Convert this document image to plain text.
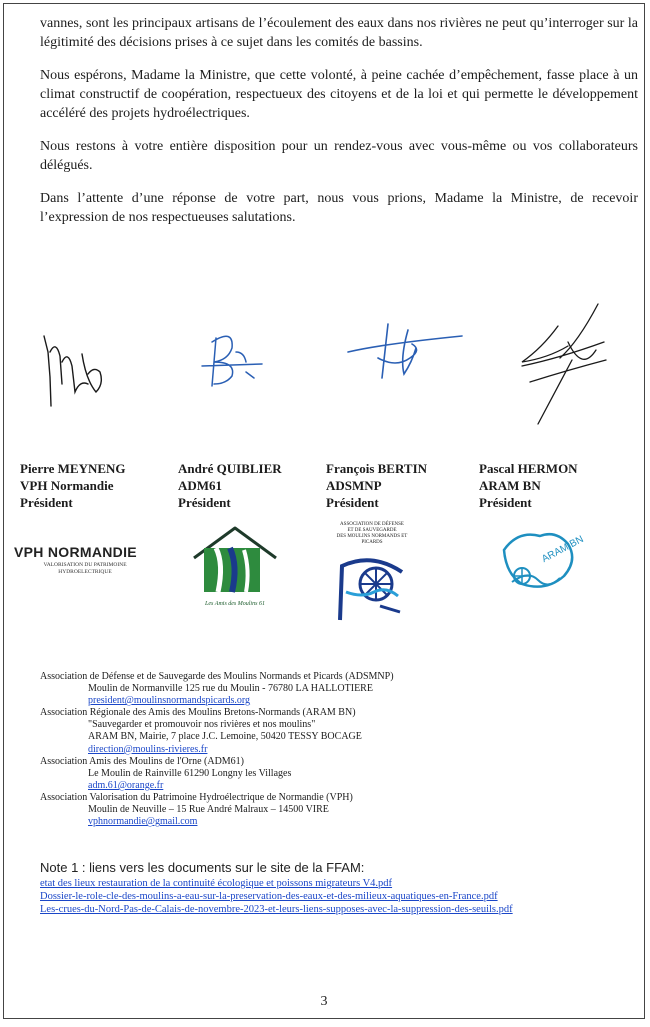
vannes, sont les principaux artisans de l’écoulement des eaux dans nos rivières ne peut qu’interroger sur la légitimité des décisions prises à ce sujet dans les comités de bassins.

Nous espérons, Madame la Ministre, que cette volonté, à peine cachée d’empêchement, fasse place à un climat constructif de coopération, respectueux des citoyens et de la loi et qui permette le développement accéléré des projets hydroélectriques.

Nous restons à votre entière disposition pour un rendez-vous avec vous-même ou vos collaborateurs délégués.

Dans l’attente d’une réponse de votre part, nous vous prions, Madame la Ministre, de recevoir l’expression de nos respectueuses salutations.

Pierre MEYNENG
VPH Normandie
Président
André QUIBLIER
ADM61
Président
François BERTIN
ADSMNP
Président
Pascal HERMON
ARAM BN
Président
VPH NORMANDIE
VALORISATION DU PATRIMOINE
HYDROELECTRIQUE
Les Amis des Moulins 61
ASSOCIATION DE DÉFENSE
ET DE SAUVEGARDE
DES MOULINS NORMANDS ET PICARDS	ARAM BN
Association de Défense et de Sauvegarde des Moulins Normands et Picards (ADSMNP)
Moulin de Normanville 125 rue du Moulin - 76780 LA HALLOTIERE
president@moulinsnormandspicards.org
Association Régionale des Amis des Moulins Bretons-Normands (ARAM BN)
"Sauvegarder et promouvoir nos rivières et nos moulins"
ARAM BN, Mairie, 7 place J.C. Lemoine, 50420 TESSY BOCAGE
direction@moulins-rivieres.fr
Association Amis des Moulins de l'Orne (ADM61)
Le Moulin de Rainville 61290 Longny les Villages
adm.61@orange.fr
Association Valorisation du Patrimoine Hydroélectrique de Normandie (VPH)
Moulin de Neuville – 15 Rue André Malraux – 14500 VIRE
vphnormandie@gmail.com
Note 1 : liens vers les documents sur le site de la FFAM:
etat des lieux restauration de la continuité écologique et poissons migrateurs V4.pdf
Dossier-le-role-cle-des-moulins-a-eau-sur-la-preservation-des-eaux-et-des-milieux-aquatiques-en-France.pdf
Les-crues-du-Nord-Pas-de-Calais-de-novembre-2023-et-leurs-liens-supposes-avec-la-suppression-des-seuils.pdf
3
